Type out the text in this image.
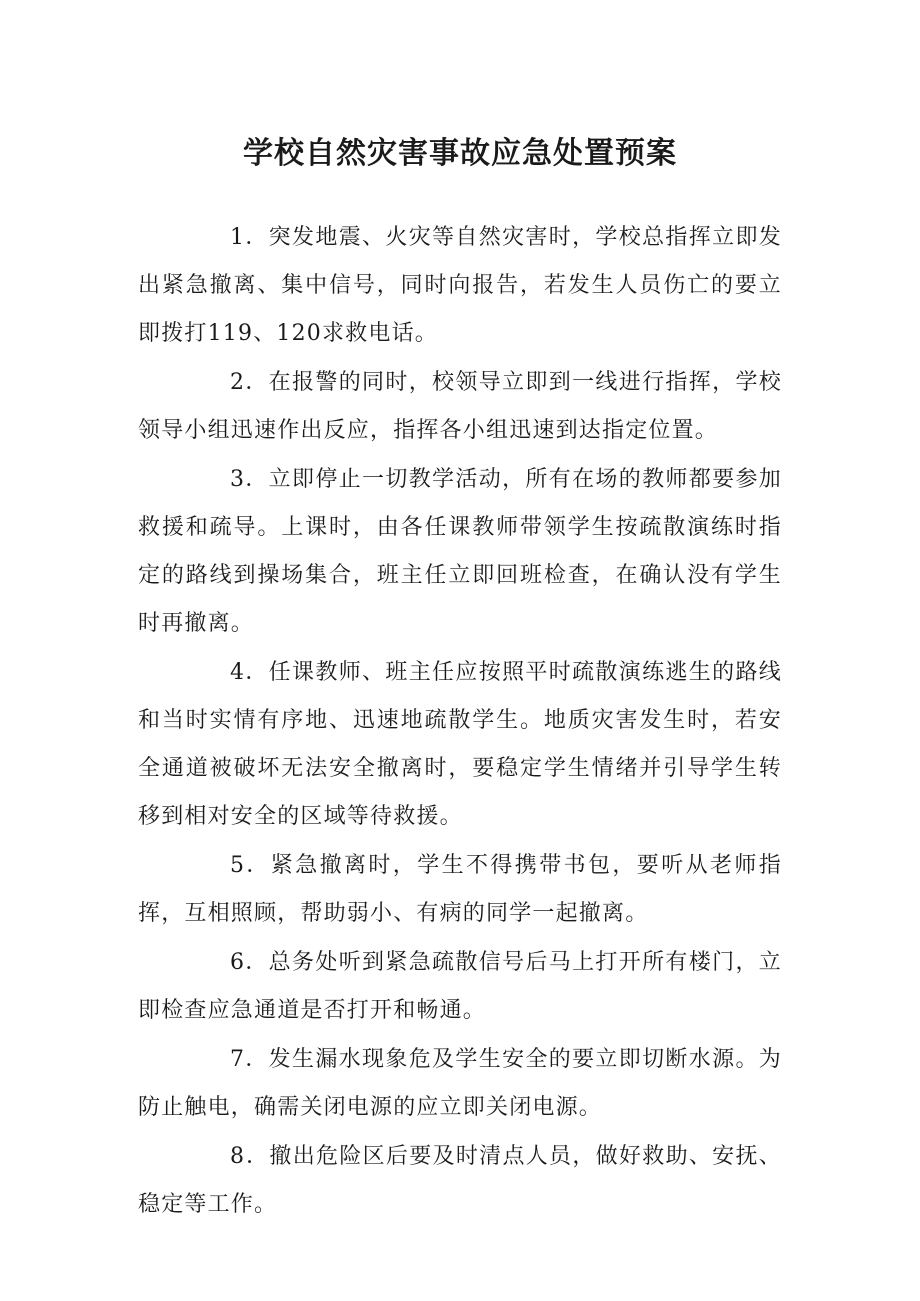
学校自然灾害事故应急处置预案

1．突发地震、火灾等自然灾害时，学校总指挥立即发出紧急撤离、集中信号，同时向报告，若发生人员伤亡的要立即拨打119、120求救电话。

2．在报警的同时，校领导立即到一线进行指挥，学校领导小组迅速作出反应，指挥各小组迅速到达指定位置。

3．立即停止一切教学活动，所有在场的教师都要参加救援和疏导。上课时，由各任课教师带领学生按疏散演练时指定的路线到操场集合，班主任立即回班检查，在确认没有学生时再撤离。

4．任课教师、班主任应按照平时疏散演练逃生的路线和当时实情有序地、迅速地疏散学生。地质灾害发生时，若安全通道被破坏无法安全撤离时，要稳定学生情绪并引导学生转移到相对安全的区域等待救援。

5．紧急撤离时，学生不得携带书包，要听从老师指挥，互相照顾，帮助弱小、有病的同学一起撤离。

6．总务处听到紧急疏散信号后马上打开所有楼门，立即检查应急通道是否打开和畅通。

7．发生漏水现象危及学生安全的要立即切断水源。为防止触电，确需关闭电源的应立即关闭电源。

8．撤出危险区后要及时清点人员，做好救助、安抚、稳定等工作。
